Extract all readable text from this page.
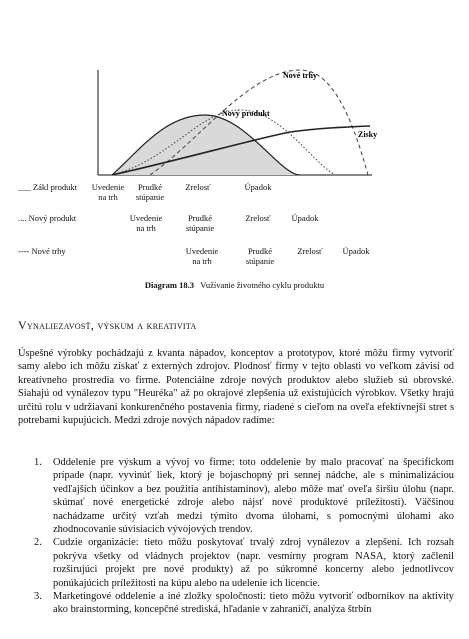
Nové trhy
Nový produkt
Zisky
___ Zákl produkt	Uvedenie
na trh
Prudké
stúpanie
Zrelosť	Úpadok
.... Nový produkt	Uvedenie
na trh
Prudké
stúpanie
Zrelosť	Úpadok
---- Nové trhy	Uvedenie
na trh
Prudké
stúpanie
Zrelosť	Úpadok
Diagram 18.3 Vužívanie životného cyklu produktu
Vynaliezavosť, výskum a kreativita

Úspešné výrobky pochádzajú z kvanta nápadov, konceptov a prototypov, ktoré môžu firmy vytvoriť samy alebo ich môžu získať z externých zdrojov. Plodnosť firmy v tejto oblasti vo veľkom závisí od kreatívneho prostredia vo firme. Potenciálne zdroje nových produktov alebo služieb sú obrovské. Siahajú od vynálezov typu "Heuréka" až po okrajové zlepšenia už existujúcich výrobkov. Všetky hrajú určitú rolu v udržiavaní konkurenčného postavenia firmy, riadené s cieľom na oveľa efektívnejší stret s potrebami kupujúcich. Medzi zdroje nových nápadov radíme:

1. Oddelenie pre výskum a vývoj vo firme: toto oddelenie by malo pracovať na špecifickom prípade (napr. vyvinúť liek, ktorý je bojaschopný pri sennej nádche, ale s minimalizáciou vedľajších účinkov a bez použitia antihistamínov), alebo môže mať oveľa širšiu úlohu (napr. skúmať nové energetické zdroje alebo nájsť nové produktové príležitosti). Väčšinou nachádzame určitý vzťah medzi týmito dvoma úlohami, s pomocnými úlohami ako zhodnocovanie súvisiacich vývojových trendov.
2. Cudzie organizácie: tieto môžu poskytovať trvalý zdroj vynálezov a zlepšení. Ich rozsah pokrýva všetky od vládnych projektov (napr. vesmírny program NASA, ktorý začlenil rozširujúci projekt pre nové produkty) až po súkromné koncerny alebo jednotlivcov ponúkajúcich príležitosti na kúpu alebo na udelenie ich licencie.
3. Marketingové oddelenie a iné zložky spoločnosti: tieto môžu vytvoriť odborníkov na aktivity ako brainstorming, koncepčné strediská, hľadanie v zahraničí, analýza štrbín
